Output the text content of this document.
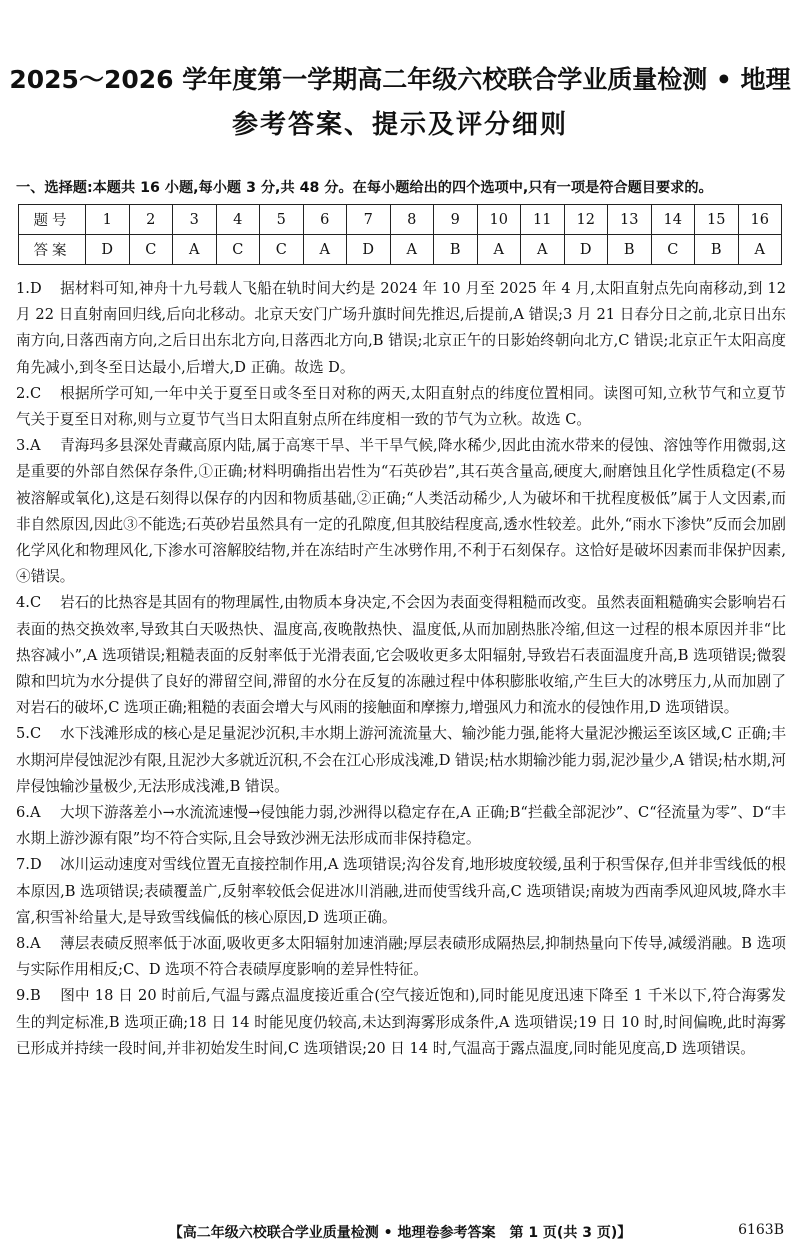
2025～2026 学年度第一学期高二年级六校联合学业质量检测 • 地理
参考答案、提示及评分细则
一、选择题:本题共 16 小题,每小题 3 分,共 48 分。在每小题给出的四个选项中,只有一项是符合题目要求的。
题号	1	2	3	4	5	6	7	8	9	10	11	12	13	14	15	16
答案	D	C	A	C	C	A	D	A	B	A	A	D	B	C	B	A

1.D 据材料可知,神舟十九号载人飞船在轨时间大约是 2024 年 10 月至 2025 年 4 月,太阳直射点先向南移动,到 12 月 22 日直射南回归线,后向北移动。北京天安门广场升旗时间先推迟,后提前,A 错误;3 月 21 日春分日之前,北京日出东南方向,日落西南方向,之后日出东北方向,日落西北方向,B 错误;北京正午的日影始终朝向北方,C 错误;北京正午太阳高度角先减小,到冬至日达最小,后增大,D 正确。故选 D。

2.C 根据所学可知,一年中关于夏至日或冬至日对称的两天,太阳直射点的纬度位置相同。读图可知,立秋节气和立夏节气关于夏至日对称,则与立夏节气当日太阳直射点所在纬度相一致的节气为立秋。故选 C。

3.A 青海玛多县深处青藏高原内陆,属于高寒干旱、半干旱气候,降水稀少,因此由流水带来的侵蚀、溶蚀等作用微弱,这是重要的外部自然保存条件,①正确;材料明确指出岩性为“石英砂岩”,其石英含量高,硬度大,耐磨蚀且化学性质稳定(不易被溶解或氧化),这是石刻得以保存的内因和物质基础,②正确;“人类活动稀少,人为破坏和干扰程度极低”属于人文因素,而非自然原因,因此③不能选;石英砂岩虽然具有一定的孔隙度,但其胶结程度高,透水性较差。此外,“雨水下渗快”反而会加剧化学风化和物理风化,下渗水可溶解胶结物,并在冻结时产生冰劈作用,不利于石刻保存。这恰好是破坏因素而非保护因素,④错误。

4.C 岩石的比热容是其固有的物理属性,由物质本身决定,不会因为表面变得粗糙而改变。虽然表面粗糙确实会影响岩石表面的热交换效率,导致其白天吸热快、温度高,夜晚散热快、温度低,从而加剧热胀冷缩,但这一过程的根本原因并非“比热容减小”,A 选项错误;粗糙表面的反射率低于光滑表面,它会吸收更多太阳辐射,导致岩石表面温度升高,B 选项错误;微裂隙和凹坑为水分提供了良好的滞留空间,滞留的水分在反复的冻融过程中体积膨胀收缩,产生巨大的冰劈压力,从而加剧了对岩石的破坏,C 选项正确;粗糙的表面会增大与风雨的接触面和摩擦力,增强风力和流水的侵蚀作用,D 选项错误。

5.C 水下浅滩形成的核心是足量泥沙沉积,丰水期上游河流流量大、输沙能力强,能将大量泥沙搬运至该区域,C 正确;丰水期河岸侵蚀泥沙有限,且泥沙大多就近沉积,不会在江心形成浅滩,D 错误;枯水期输沙能力弱,泥沙量少,A 错误;枯水期,河岸侵蚀输沙量极少,无法形成浅滩,B 错误。

6.A 大坝下游落差小→水流流速慢→侵蚀能力弱,沙洲得以稳定存在,A 正确;B“拦截全部泥沙”、C“径流量为零”、D“丰水期上游沙源有限”均不符合实际,且会导致沙洲无法形成而非保持稳定。

7.D 冰川运动速度对雪线位置无直接控制作用,A 选项错误;沟谷发育,地形坡度较缓,虽利于积雪保存,但并非雪线低的根本原因,B 选项错误;表碛覆盖广,反射率较低会促进冰川消融,进而使雪线升高,C 选项错误;南坡为西南季风迎风坡,降水丰富,积雪补给量大,是导致雪线偏低的核心原因,D 选项正确。

8.A 薄层表碛反照率低于冰面,吸收更多太阳辐射加速消融;厚层表碛形成隔热层,抑制热量向下传导,减缓消融。B 选项与实际作用相反;C、D 选项不符合表碛厚度影响的差异性特征。

9.B 图中 18 日 20 时前后,气温与露点温度接近重合(空气接近饱和),同时能见度迅速下降至 1 千米以下,符合海雾发生的判定标准,B 选项正确;18 日 14 时能见度仍较高,未达到海雾形成条件,A 选项错误;19 日 10 时,时间偏晚,此时海雾已形成并持续一段时间,并非初始发生时间,C 选项错误;20 日 14 时,气温高于露点温度,同时能见度高,D 选项错误。

【高二年级六校联合学业质量检测 • 地理卷参考答案　第 1 页(共 3 页)】	6163B
